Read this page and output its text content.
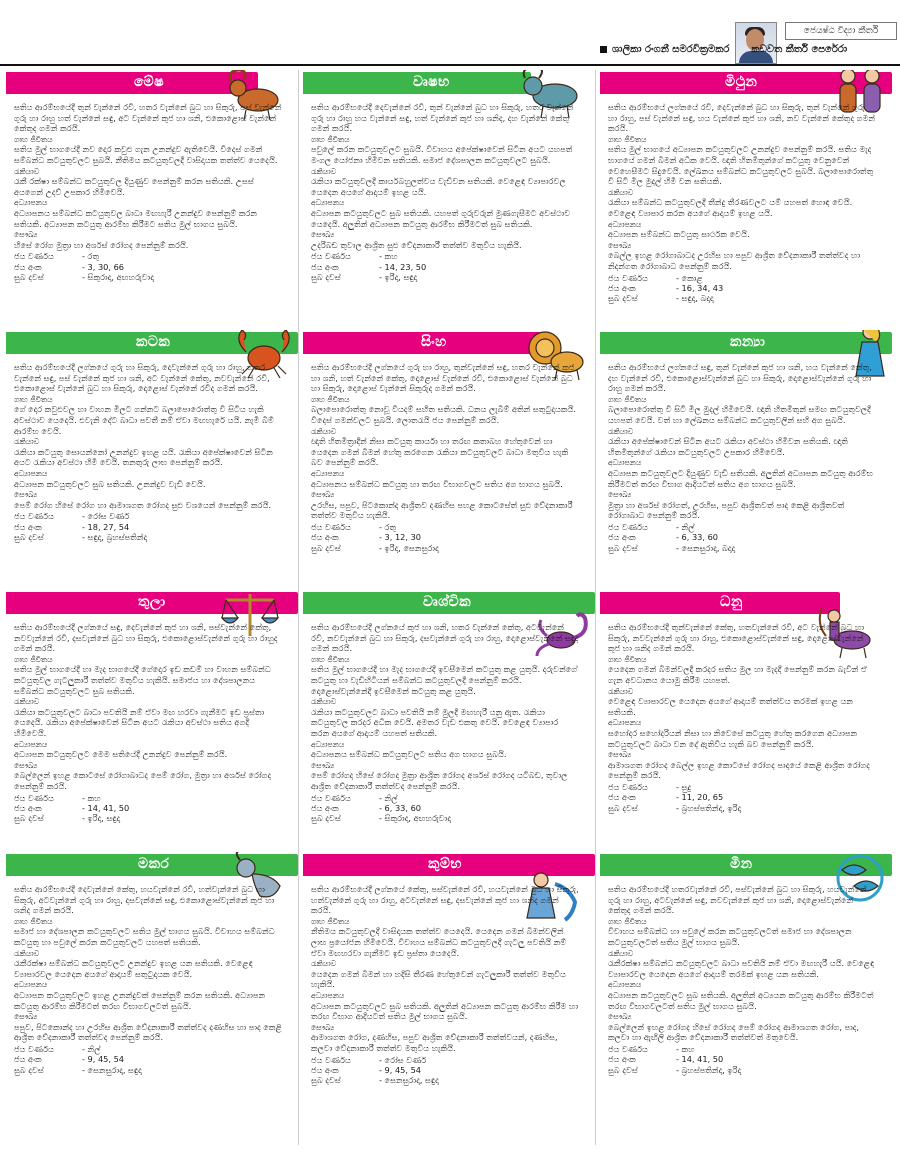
ජෙ‍යෂ්ඨ විද්‍යා කීර්ති
ශාලිකා රංගනී සමරවික්‍රමකර කඩවත කීර්ති පෙරේරා
මේෂ

සතිය ආරම්භයේදී තුන් වැන්නේ රවි, හතර වැන්නේ බුධ හා සිකුරු, පස් වැන්නේ ගුරු හා රාහු හත් වැන්නේ සඳු, අට වැන්නේ කුජ හා ශනි, එකොළොස් වැන්නේ කේතුද ගමන් කරයි.

ගෘහ ජීවිතය

සතිය මුල් භාගයේදී නව දොර කවුළු ගැන උනන්දුව ඇතිවෙයි. විදෙස් ගමන් සම්බන්ධ කටයුතුවලට සුබයි. නීතිමය කටයුතුවලදී වාසිදායක තත්ත්ව යෙදෙයි.

රැකියාව

රැකී රක්ෂා සම්බන්ධ කටයුතුවල දියුණුව පෙන්නුම් කරන සතියකි. උසස් අයගෙන් උදව් උපකාර හිමිවෙයි.

අධ්‍යාපනය

අධ්‍යාපනය සම්බන්ධ කටයුතුවල බාධා මඟහැරී උනන්දුව පෙන්නුම් කරන සතියකි. අධ්‍යාපන කටයුතු ආරම්භ කිරීමට සතිය මුල් භාගය සුබයි.

සෞඛ්‍ය

හිසේ රෝග මුත්‍රා හා අර්ශස් රෝගද පෙන්නුම් කරයි.

ජය වර්ණය	- රතු

ජය අංක	- 3, 30, 66

සුබ දවස්	- සිකුරාදා, අඟහරුවාදා

වෘෂභ

සතිය ආරම්භයේදී දෙවැන්නේ රවි, තුන් වැන්නේ බුධ හා සිකුරු, හතර වැන්නේ ගුරු හා රාහු හය වැන්නේ සඳු, හත් වැන්නේ කුජ හා ශනිද, දහ වැන්නේ කේතු ගමන් කරයි.

ගෘහ ජීවිතය

පවුලේ කරන කටයුතුවලට සුබයි. විවාහය අපේක්ෂාවෙන් සිටින අයට යහපත් මංගල යෝජනා හිමිවන සතියකි. සමාජ දේශපාලන කටයුතුවලට සුබයි.

රැකියාව

රැකියා කටයුතුවලදී කාර්යබහුලත්වය වැඩිවන සතියකි. වෙළෙඳ ව්‍යාපාරවල යෙදෙන අයගේ ආදායම් ඉහළ යයි.

අධ්‍යාපනය

අධ්‍යාපන කටයුතුවලට සුබ සතියකි. යහපත් ගුරුවරුන් මුණගැසීමට අවස්ථාව යෙදෙයි. අලුතින් අධ්‍යාපන කටයුතු ආරම්භ කිරීමටත් සුබ සතියකි.

සෞඛ්‍ය

උදරිබඩ තුවාල ආශ්‍රිත සුළු වේදනාකාරී තත්ත්ව මතුවිය හැකියි.

ජය වර්ණය	- කහ

ජය අංක	- 14, 23, 50

සුබ දවස්	- ඉරිදා, සඳුදා

මිථුන

සතිය ආරම්භයේ ලග්නයේ රවි, දෙවැන්නේ බුධ හා සිකුරු, තුන් වැන්නේ ගුරු හා රාහු, පස් වැන්නේ සඳු, හය වැන්නේ කුජ හා ශනි, නව වැන්නේ කේතුද ගමන් කරයි.

ගෘහ ජීවිතය

සතිය මුල් භාගයේ අධ්‍යාපන කටයුතුවලට උනන්දුව පෙන්නුම් කරයි. සතිය මැද භාගයේ ගමන් බිමන් අධික වෙයි. ඥාති හිතමිතුන්ගේ කටයුතු වෙනුවෙන් වෙහෙසීමට සිදුවෙයි. ලේඛනය සම්බන්ධ කටයුතුවලට සුබයි. බලාපොරොත්තු වී සිටි මිල මුදල් හිමි වන සතියකි.

රැකියාව

රැකියා සම්බන්ධ කටයුතුවලදී තීන්දු තීරණවලට යම් යහපත් හොඳ වෙයි. වෙළෙඳ ව්‍යාපාර කරන අයගේ ආදායම් ඉහළ යයි.

අධ්‍යාපනය

අධ්‍යාපන සම්බන්ධ කටයුතු සාර්ථක වෙයි.

සෞඛ්‍ය

බෙල්ල ඉහළ රෝගාබාධද උරහිස හා පපුව ආශ්‍රිත වේදනාකාරී තත්ත්වද හා නිදන්ගත රෝගාබාධ පෙන්නුම් කරයි.

ජය වර්ණය	- කොළ

ජය අංක	- 16, 34, 43

සුබ දවස්	- සඳුදා, බදාදා

කටක

සතිය ආරම්භයේදී ලග්නයේ ගුරු හා සිකුරු, දෙවැන්නේ ගුරු හා රාහු, හතර වැන්නේ සඳු, පස් වැන්නේ කුජ හා ශනි, අට වැන්නේ කේතු, නවවැන්නේ රවි, එකොළොස් වැන්නේ බුධ හා සිකුරු, දොළොස් වැන්නේ රවිද ගමන් කරයි.

ගෘහ ජීවිතය

ගේ දොර කවුළුවල හා වාහන මිලට ගන්නට බලාපොරොත්තු වී සිටිය හැකි අවස්ථාව යෙදෙයි. එවැනි දේට බාධා පවතී නම් ඒවා මඟහැරේ යයි. නැමී බිම් ආරම්භ වෙයි.

රැකියාව

රැකියා කටයුතු සොයන්නෝ උනන්දුව ඉහළ යයි. රැකියා අපේක්ෂාවෙන් සිටින අයට රැකියා අවස්ථා හිමි වෙයි. තනතුරු ලාභ පෙන්නුම් කරයි.

අධ්‍යාපනය

අධ්‍යාපන කටයුතුවලට සුබ සතියකි. උනන්දුව වැඩි වෙයි.

සෞඛ්‍ය

පෙම් රෝග හිසේ රෝග හා ආමාශගත රෝගද සුළු වශයෙන් පෙන්නුම් කරයි.

ජය වර්ණය	- රෝස වර්ණ

ජය අංක	- 18, 27, 54

සුබ දවස්	- සඳුදා, බ්‍රහස්පතින්දා

සිංහ

සතිය ආරම්භයේදී ලග්නයේ ගුරු හා රාහු, තුන්වැන්නේ සඳු, හතර වැන්නේ කුජ හා ශනි, හත් වැන්නේ කේතු, දොළොස් වැන්නේ රවි, එකොළොස් වැන්නේ බුධ හා සිකුරු, දොළොස් වැන්නේ සිකුරුද ගමන් කරයි.

ගෘහ ජීවිතය

බලාපොරොත්තු නොවූ වියදම් සහිත සතියකි. ධනය ලැබීම් අතින් සතුටුදායකයි. විදෙස් ගමන්වලට සුබයි. ලොතරැයි ජය පෙන්නුම් කරයි.

රැකියාව

ඥාති හිතමිත්‍රාදීන් නිසා කටයුතු කාර්යා හා තරඟ කතාබහ හේතුවෙන් හා යෙදෙන ගමන් බිමන් හේතු කරගෙන රැකියා කටයුතුවලට බාධා මතුවිය හැකි බව පෙන්නුම් කරයි.

අධ්‍යාපනය

අධ්‍යාපනය සම්බන්ධ කටයුතු හා තරඟ විභාගවලට සතිය අග භාගය සුබයි.

සෞඛ්‍ය

උරහිස, පපුව, පිටකොන්ද ආශ්‍රිතව දණහිස පහළ කොටසේත් සුළු වේදනාකාරී තත්ත්ව මතුවිය හැකියි.

ජය වර්ණය	- රතු

ජය අංක	- 3, 12, 30

සුබ දවස්	- ඉරිදා, සෙනසුරාදා

කන්‍යා

සතිය ආරම්භයේ ලග්නයේ සඳු, තුන් වැන්නේ කුජ හා ශනි, හය වැන්නේ කේතු, දහ වැන්නේ රවි, එකොළොස්වැන්නේ බුධ හා සිකුරු, දොළොස්වැන්නේ ගුරු හා රාහු ගමන් කරයි.

ගෘහ ජීවිතය

බලාපොරොත්තු වී සිටි මිල මුදල් හිමිවෙයි. ඥාති හිතමිතුන් සමඟ කටයුතුවලදී යහපත් වෙයි. වත් හා ලේඛනය සම්බන්ධ කටයුතුවලින් සහි අග සුබයි.

රැකියාව

රැකියා අපේක්ෂාවෙන් සිටින අයට රැකියා අවස්ථා හිමිවන සතියකි. ඥාති හිතමිතුන්ගේ රැකියා කටයුතුවලට උපකාර හිමිවෙයි.

අධ්‍යාපනය

අධ්‍යාපන කටයුතුවලට දියුණුව වැඩි සතියකි. අලුතින් අධ්‍යාපන කටයුතු ආරම්භ කිරීමටත් තරඟ විභාග ආදියටත් සතිය අග භාගය සුබයි.

සෞඛ්‍ය

මුත්‍රා හා අර්ශස් රෝගත්, උරහිස, පපුව ආශ්‍රිතවත් පාද කෙළි ආශ්‍රිතවත් රෝගාබාධ පෙන්නුම් කරයි.

ජය වර්ණය	- නිල්

ජය අංක	- 6, 33, 60

සුබ දවස්	- සෙනසුරාදා, බදාදා

තුලා

සතිය ආරම්භයේදී ලග්නයේ සඳු, දෙවැන්නේ කුජ හා ශනි, පස්වැන්නේ කේතු, නවවැන්නේ රවි, දසවැන්නේ බුධ හා සිකුරු, එකොළොස්වැන්නේ ගුරු හා රාහුද ගමන් කරයි.

ගෘහ ජීවිතය

සතිය මුල් භාගයේදී හා මැද භාගයේදී ගේදොර ඉඩ කඩම් හා වාහන සම්බන්ධ කටයුතුවල ගැටලුකාරී තත්ත්ව මතුවිය හැකියි. සමාජය හා දේශපාලනය සම්බන්ධ කටයුතුවලට සුබ සතියකි.

රැකියාව

රැකියා කටයුතුවලට බාධා පවතියි නම් ඒවා මඟ හරවා ගැනීමට ඉඩ ප්‍රස්තා යෙදෙයි. රැකියා අපේක්ෂාවෙන් සිටින අයට රැකියා අවස්ථා සතිය අගදී හිමිවෙයි.

අධ්‍යාපනය

අධ්‍යාපන කටයුතුවලට මෙම සතියේදී උනන්දුව පෙන්නුම් කරයි.

සෞඛ්‍ය

බෙල්ලෙන් ඉහළ කොටසේ රෝගාබාධද පෙම් රෝග, මුත්‍රා හා අර්ශස් රෝගද පෙන්නුම් කරයි.

ජය වර්ණය	- කහ

ජය අංක	- 14, 41, 50

සුබ දවස්	- ඉරිදා, සඳුදා

වෘශ්චික

සතිය ආරම්භයේදී ලග්නයේ කුජ හා ශනි, හතර වැන්නේ කේතු, අටවැන්නේ රවි, නවවැන්නේ බුධ හා සිකුරු, දසවැන්නේ ගුරු හා රාහු, දොළොස්වැන්නේ සඳුද ගමන් කරයි.

ගෘහ ජීවිතය

සතිය මුල් භාගයේදී හා මැද භාගයේදී ඉවසීමෙන් කටයුතු කළ යුතුයි. දරුවන්ගේ කටයුතු හා වැඩිහිටියන් සම්බන්ධ කටයුතුවලදී පෙන්නුම් කරයි. දොළොස්වැන්නේදී ඉවසීමෙන් කටයුතු කළ යුතුයි.

රැකියාව

රැකියා කටයුතුවලට බාධා පවතියි නම් මුලදී මඟහැරී යනු ඇත. රැකියා කටයුතුවල කරදර අධික වෙයි. අමතර වැඩ එකතු වෙයි. වෙළෙඳ ව්‍යාපාර කරන අයගේ ආදායම් යහපත් සතියකි.

අධ්‍යාපනය

අධ්‍යාපනය සම්බන්ධ කටයුතුවලට සතිය අග භාගය සුබයි.

සෞඛ්‍ය

පෙම් රෝගද හිසේ රෝගද මුත්‍රා ආශ්‍රිත රෝගද අර්ශස් රෝගද යටිබඩ, තුවාල ආශ්‍රිත වේදනාකාරී තත්ත්වද පෙන්නුම් කරයි.

ජය වර්ණය	- නිල්

ජය අංක	- 6, 33, 60

සුබ දවස්	- සිකුරාදා, අඟහරුවාදා

ධනු

සතිය ආරම්භයේදී තුන්වැන්නේ කේතු, හතවැන්නේ රවි, අට වැන්නේ බුධ හා සිකුරු, නවවැන්නේ ගුරු හා රාහු, එකොළොස්වැන්නේ සඳු, දොළොස්වැන්නේ කුජ හා ශනිද ගමන් කරයි.

ගෘහ ජීවිතය

යෙදෙන ගමන් බිමන්වලදී කරදර සතිය මුල හා මැදදී පෙන්නුම් කරන බැවින් ඒ ගැන අවධානය යොමු කිරීම යහපත්.

රැකියාව

වෙළෙඳ ව්‍යාපාරවල යෙදෙන අයගේ ආදායම් තත්ත්වය තරමක් ඉහළ යන සතියකි.

අධ්‍යාපනය

සහෝදර සහෝදරියන් නිසා හා නිවෙසේ කටයුතු හේතු කරගෙන අධ්‍යාපන කටයුතුවලට බාධා වන දේ ඇතිවිය හැකි බව පෙන්නුම් කරයි.

සෞඛ්‍ය

ආමාශගත රෝගද බෙල්ල ඉහළ කොටසේ රෝගද පාදයේ කෙළි ආශ්‍රිත රෝගද පෙන්නුම් කරයි.

ජය වර්ණය	- සුදු

ජය අංක	- 11, 20, 65

සුබ දවස්	- බ්‍රහස්පතින්දා, ඉරිදා

මකර

සතිය ආරම්භයේදී දෙවැන්නේ කේතු, හයවැන්නේ රවි, හත්වැන්නේ බුධ හා සිකුරු, අටවැන්නේ ගුරු හා රාහු, දසවැන්නේ සඳු, එකොළොස්වැන්නේ කුජ හා ශනිද ගමන් කරයි.

ගෘහ ජීවිතය

සමාජ හා දේශපාලන කටයුතුවලට සතිය මුල් භාගය සුබයි. විවාහය සම්බන්ධ කටයුතු හා පවුලේ කරන කටයුතුවලට යහපත් සතියකි.

රැකියාව

රැකීරක්ෂා සම්බන්ධ කටයුතුවලට උනන්දුව ඉහළ යන සතියකි. වෙළෙඳ ව්‍යාපාරවල යෙදෙන අයගේ ආදායම් සතුටුදායක වෙයි.

අධ්‍යාපනය

අධ්‍යාපන කටයුතුවලට ඉහළ උනන්දුවක් පෙන්නුම් කරන සතියකි. අධ්‍යාපන කටයුතු ආරම්භ කිරීමටත් තරඟ විභාගවලටත් සුබයි.

සෞඛ්‍ය

පපුව, පිටකොන්ද හා උරහිස ආශ්‍රිත වේදනාකාරී තත්ත්වද දණහිස හා පාද කෙළි ආශ්‍රිත වේදනාකාරී තත්ත්වද පෙන්නුම් කරයි.

ජය වර්ණය	- නිල්

ජය අංක	- 9, 45, 54

සුබ දවස්	- සෙනසුරාදා, සඳුදා

කුම්භ

සතිය ආරම්භයේදී ලග්නයේ කේතු, පස්වැන්නේ රවි, හයවැන්නේ බුධ හා සිකුරු, හත්වැන්නේ ගුරු හා රාහු, අටවැන්නේ සඳු, දසවැන්නේ කුජ හා ශනිද ගමන් කරයි.

ගෘහ ජීවිතය

නීතිමය කටයුතුවලදී වාසිදායක තත්ත්ව යෙදෙයි. යෙදෙන ගමන් බිමන්වලින් ලාභ ප්‍රයෝජන හිමිවෙයි. විවාහය සම්බන්ධ කටයුතුවලදී ගැටලු පවතියි නම් ඒවා මඟහරවා ගැනීමට ඉඩ ප්‍රස්තා යෙදෙයි.

රැකියාව

යෙදෙන ගමන් බිමන් හා හදිසි තීරණ හේතුවෙන් ගැටලුකාරී තත්ත්ව මතුවිය හැකියි.

අධ්‍යාපනය

අධ්‍යාපන කටයුතුවලට සුබ සතියකි. අලුතින් අධ්‍යාපන කටයුතු ආරම්භ කිරීම හා තරඟ විභාග ආදියටත් සතිය මුල් භාගය සුබයි.

සෞඛ්‍ය

ආමාශගත රෝග, දණහිස, පපුව ආශ්‍රිත වේදනාකාරී තත්ත්වයන්, දණහිස, කලවා වේදනාකාරී තත්ත්ව මතුවිය හැකියි.

ජය වර්ණය	- රෝස වර්ණ

ජය අංක	- 9, 45, 54

සුබ දවස්	- සෙනසුරාදා, සඳුදා

මීන

සතිය ආරම්භයේදී හතරවැන්නේ රවි, පස්වැන්නේ බුධ හා සිකුරු, හයවැන්නේ ගුරු හා රාහු, අටවැන්නේ සඳු, නවවැන්නේ කුජ හා ශනි, දොළොස්වැන්නේ කේතුද ගමන් කරයි.

ගෘහ ජීවිතය

විවාහය සම්බන්ධ හා පවුලේ කරන කටයුතුවලටත් සමාජ හා දේශපාලන කටයුතුවලටත් සතිය මුල් භාගය සුබයි.

රැකියාව

රැකීරක්ෂා සම්බන්ධ කටයුතුවලට බාධා පවතියි නම් ඒවා මඟහැරී යයි. වෙළෙඳ ව්‍යාපාරවල යෙදෙන අයගේ ආදායම් තරමක් ඉහළ යන සතියකි.

අධ්‍යාපනය

අධ්‍යාපන කටයුතුවලට සුබ සතියකි. අලුතින් අධ්‍යයන කටයුතු ආරම්භ කිරීමටත් තරඟ විභාගවලටත් සතිය මුල් භාගය සුබයි.

සෞඛ්‍ය

බෙල්ලෙන් ඉහළ රෝගද හිසේ රෝගද පෙම් රෝගද ආමාශගත රෝග, පාද, කලවා හා ඇඟිලි ආශ්‍රිත වේදනාකාරී තත්ත්වත් මතුවෙයි.

ජය වර්ණය	- කහ

ජය අංක	- 14, 41, 50

සුබ දවස්	- බ්‍රහස්පතින්දා, ඉරිදා
